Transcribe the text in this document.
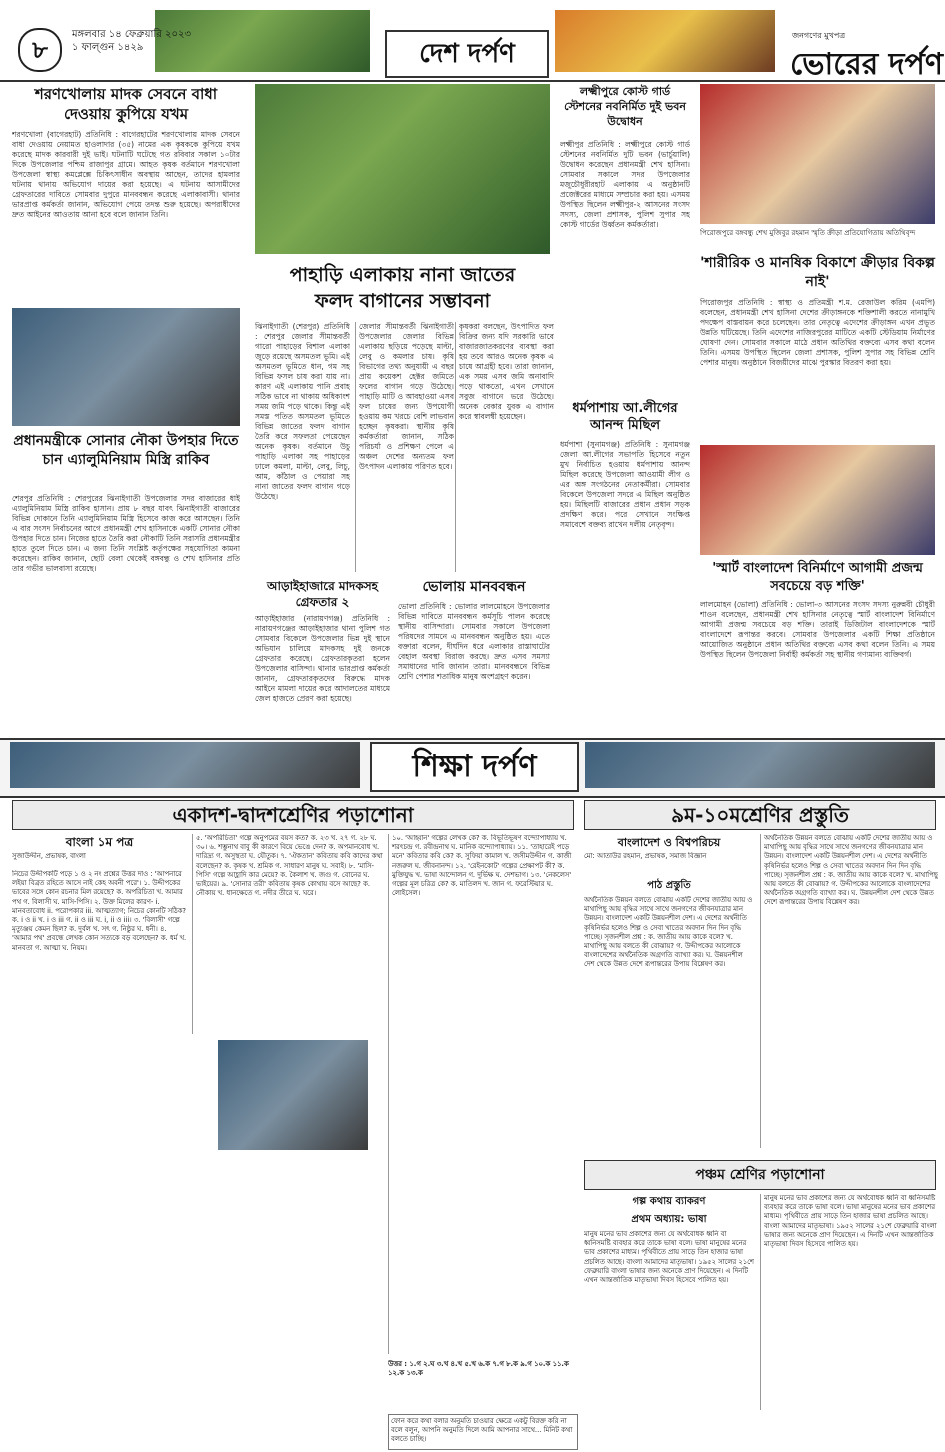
৮
মঙ্গলবার ১৪ ফেব্রুয়ারি ২০২৩
১ ফাল্গুন ১৪২৯	দেশ দর্পণ
জনগণের মুখপত্র
ভোরের দর্পণ
শরণখোলায় মাদক সেবনে বাধা দেওয়ায় কুপিয়ে যখম
শরণখোলা (বাগেরহাট) প্রতিনিধি : বাগেরহাটের শরণখোলায় মাদক সেবনে বাধা দেওয়ায় নেয়ামত হাওলাদার (৩৫) নামের এক কৃষককে কুপিয়ে যখম করেছে মাদক কারবারী দুই ভাই। ঘটনাটি ঘটেছে গত রবিবার সকাল ১০টার দিকে উপজেলার পশ্চিম রাজাপুর গ্রামে। আহত কৃষক বর্তমানে শরণখোলা উপজেলা স্বাস্থ্য কমপ্লেক্সে চিকিৎসাধীন অবস্থায় আছেন, তাদের হামলার ঘটনায় থানায় অভিযোগ দায়ের করা হয়েছে। এ ঘটনায় আসামীদের গ্রেফতারের দাবিতে সোমবার দুপুরে মানববন্ধন করেছে এলাকাবাসী। থানার ভারপ্রাপ্ত কর্মকর্তা জানান, অভিযোগ পেয়ে তদন্ত শুরু হয়েছে। অপরাধীদের দ্রুত আইনের আওতায় আনা হবে বলে জানান তিনি।
পাহাড়ি এলাকায় নানা জাতের
ফলদ বাগানের সম্ভাবনা
ঝিনাইগাতী (শেরপুর) প্রতিনিধি : শেরপুর জেলার সীমান্তবর্তী গারো পাহাড়ের বিশাল এলাকা জুড়ে রয়েছে অসমতল ভূমি। এই অসমতল ভূমিতে ধান, গম সহ বিভিন্ন ফসল চাষ করা যায় না। কারণ এই এলাকায় পানি প্রবাহ সঠিক ভাবে না থাকায় অধিকাংশ সময় জমি পড়ে থাকে। কিন্তু এই সমস্ত পতিত অসমতল ভূমিতে বিভিন্ন জাতের ফলদ বাগান তৈরি করে সফলতা পেয়েছেন অনেক কৃষক। বর্তমানে উচু পাহাড়ি এলাকা সহ পাহাড়ের ঢালে কমলা, মাল্টা, লেবু, লিচু, আম, কাঁঠাল ও পেয়ারা সহ নানা জাতের ফলদ বাগান গড়ে উঠেছে।
জেলার সীমান্তবর্তী ঝিনাইগাতী উপজেলার জেলার বিভিন্ন এলাকায় ছড়িয়ে পড়েছে মাল্টা, লেবু ও কমলার চাষ। কৃষি বিভাগের তথ্য অনুযায়ী এ বছর প্রায় কয়েকশ হেক্টর জমিতে ফলের বাগান গড়ে উঠেছে। পাহাড়ি মাটি ও আবহাওয়া এসব ফল চাষের জন্য উপযোগী হওয়ায় কম খরচে বেশি লাভবান হচ্ছেন কৃষকরা। স্থানীয় কৃষি কর্মকর্তারা জানান, সঠিক পরিচর্যা ও প্রশিক্ষণ পেলে এ অঞ্চল দেশের অন্যতম ফল উৎপাদন এলাকায় পরিণত হবে।
কৃষকরা বলছেন, উৎপাদিত ফল বিক্রির জন্য যদি সরকারি ভাবে বাজারজাতকরণের ব্যবস্থা করা হয় তবে আরও অনেক কৃষক এ চাষে আগ্রহী হবে। তারা জানান, এক সময় এসব জমি অনাবাদি পড়ে থাকতো, এখন সেখানে সবুজ বাগানে ভরে উঠেছে। অনেক বেকার যুবক এ বাগান করে স্বাবলম্বী হয়েছেন।
লক্ষ্মীপুরে কোস্ট গার্ড স্টেশনের নবনির্মিত দুই ভবন উদ্বোধন
লক্ষ্মীপুর প্রতিনিধি : লক্ষ্মীপুরে কোস্ট গার্ড স্টেশনের নবনির্মিত দুটি ভবন (ভার্চুয়ালি) উদ্বোধন করেছেন প্রধানমন্ত্রী শেখ হাসিনা। সোমবার সকালে সদর উপজেলার মজুচৌধুরীরহাট এলাকায় এ অনুষ্ঠানটি প্রজেক্টরের মাধ্যমে সম্প্রচার করা হয়। এসময় উপস্থিত ছিলেন লক্ষ্মীপুর-২ আসনের সংসদ সদস্য, জেলা প্রশাসক, পুলিশ সুপার সহ কোস্ট গার্ডের উর্ধ্বতন কর্মকর্তারা।
ধর্মপাশায় আ.লীগের আনন্দ মিছিল
ধর্মপাশা (সুনামগঞ্জ) প্রতিনিধি : সুনামগঞ্জ জেলা আ.লীগের সভাপতি হিসেবে নতুন মুখ নির্বাচিত হওয়ায় ধর্মপাশায় আনন্দ মিছিল করেছে উপজেলা আওয়ামী লীগ ও এর অঙ্গ সংগঠনের নেতাকর্মীরা। সোমবার বিকেলে উপজেলা সদরে এ মিছিল অনুষ্ঠিত হয়। মিছিলটি বাজারের প্রধান প্রধান সড়ক প্রদক্ষিণ করে। পরে সেখানে সংক্ষিপ্ত সমাবেশে বক্তব্য রাখেন দলীয় নেতৃবৃন্দ।
পিরোজপুরে বঙ্গবন্ধু শেখ মুজিবুর রহমান স্মৃতি ক্রীড়া প্রতিযোগিতায় অতিথিবৃন্দ
'শারীরিক ও মানষিক বিকাশে ক্রীড়ার বিকল্প নাই'
পিরোজপুর প্রতিনিধি : স্বাস্থ্য ও প্রতিমন্ত্রী শ.ম. রেজাউল করিম (এমপি) বলেছেন, প্রধানমন্ত্রী শেখ হাসিনা দেশের ক্রীড়াঙ্গনকে শক্তিশালী করতে নানামুখি পদক্ষেপ বাস্তবায়ন করে চলেছেন। তার নেতৃত্বে এদেশের ক্রীড়াঙ্গন এখন প্রভূত উন্নতি ঘটিয়েছে। তিনি এদেশের নাজিরপুরের মাটিতে একটি স্টেডিয়াম নির্মাণের ঘোষণা দেন। সোমবার সকালে মাঠে প্রধান অতিথির বক্তব্যে এসব কথা বলেন তিনি। এসময় উপস্থিত ছিলেন জেলা প্রশাসক, পুলিশ সুপার সহ বিভিন্ন শ্রেণি পেশার মানুষ। অনুষ্ঠানে বিজয়ীদের মাঝে পুরস্কার বিতরণ করা হয়।
'স্মার্ট বাংলাদেশ বিনির্মাণে আগামী প্রজন্ম সবচেয়ে বড় শক্তি'
লালমোহন (ভোলা) প্রতিনিধি : ভোলা-৩ আসনের সংসদ সদস্য নুরুন্নবী চৌধুরী শাওন বলেছেন, প্রধানমন্ত্রী শেখ হাসিনার নেতৃত্বে স্মার্ট বাংলাদেশ বিনির্মাণে আগামী প্রজন্ম সবচেয়ে বড় শক্তি। তারাই ডিজিটাল বাংলাদেশকে স্মার্ট বাংলাদেশে রূপান্তর করবে। সোমবার উপজেলার একটি শিক্ষা প্রতিষ্ঠানে আয়োজিত অনুষ্ঠানে প্রধান অতিথির বক্তব্যে এসব কথা বলেন তিনি। এ সময় উপস্থিত ছিলেন উপজেলা নির্বাহী কর্মকর্তা সহ স্থানীয় গণ্যমান্য ব্যক্তিবর্গ।
প্রধানমন্ত্রীকে সোনার নৌকা উপহার দিতে চান এ্যালুমিনিয়াম মিস্ত্রি রাকিব
শেরপুর প্রতিনিধি : শেরপুরের ঝিনাইগাতী উপজেলার সদর বাজারের ধাই এ্যালুমিনিয়াম মিস্ত্রি রাকিব হাসান। প্রায় ৮ বছর যাবৎ ঝিনাইগাতী বাজারের বিভিন্ন দোকানে তিনি এ্যালুমিনিয়াম মিস্ত্রি হিসেবে কাজ করে আসছেন। তিনি এ বার সংসদ নির্বাচনের আগে প্রধানমন্ত্রী শেখ হাসিনাকে একটি সোনার নৌকা উপহার দিতে চান। নিজের হাতে তৈরি করা নৌকাটি তিনি সরাসরি প্রধানমন্ত্রীর হাতে তুলে দিতে চান। এ জন্য তিনি সংশ্লিষ্ট কর্তৃপক্ষের সহযোগিতা কামনা করেছেন। রাকিব জানান, ছোট বেলা থেকেই বঙ্গবন্ধু ও শেখ হাসিনার প্রতি তার গভীর ভালবাসা রয়েছে।
আড়াইহাজারে মাদকসহ
গ্রেফতার ২
আড়াইহাজার (নারায়ণগঞ্জ) প্রতিনিধি : নারায়ণগঞ্জের আড়াইহাজার থানা পুলিশ গত সোমবার বিকেলে উপজেলার ভিন্ন দুই স্থানে অভিযান চালিয়ে মাদকসহ দুই জনকে গ্রেফতার করেছে। গ্রেফতারকৃতরা হলেন উপজেলার বাসিন্দা। থানার ভারপ্রাপ্ত কর্মকর্তা জানান, গ্রেফতারকৃতদের বিরুদ্ধে মাদক আইনে মামলা দায়ের করে আদালতের মাধ্যমে জেল হাজতে প্রেরণ করা হয়েছে।
ভোলায় মানববন্ধন
ভোলা প্রতিনিধি : ভোলার লালমোহনে উপজেলার বিভিন্ন দাবিতে মানববন্ধন কর্মসূচি পালন করেছে স্থানীয় বাসিন্দারা। সোমবার সকালে উপজেলা পরিষদের সামনে এ মানববন্ধন অনুষ্ঠিত হয়। এতে বক্তারা বলেন, দীর্ঘদিন ধরে এলাকার রাস্তাঘাটের বেহাল অবস্থা বিরাজ করছে। দ্রুত এসব সমস্যা সমাধানের দাবি জানান তারা। মানববন্ধনে বিভিন্ন শ্রেণি পেশার শতাধিক মানুষ অংশগ্রহণ করেন।
শিক্ষা দর্পণ
একাদশ-দ্বাদশশ্রেণির পড়াশোনা
বাংলা ১ম পত্র
সুজাউদ্দীন, প্রভাষক, বাংলা
নিচের উদ্দীপকটি পড়ে ১ ও ২ নং প্রশ্নের উত্তর দাও : 'আপনারে লইয়া বিব্রত রহিতে আসে নাই কেহ অবনী পরে'। ১. উদ্দীপকের ভাবের সঙ্গে কোন রচনার মিল রয়েছে? ক. অপরিচিতা খ. আমার পথ গ. বিলাসী ঘ. মাসি-পিসি। ২. উক্ত মিলের কারণ- i. মানবতাবোধ ii. পরোপকার iii. আত্মত্যাগ; নিচের কোনটি সঠিক? ক. i ও ii খ. i ও iii গ. ii ও iii ঘ. i, ii ও iii। ৩. 'বিলাসী' গল্পে মৃত্যুঞ্জয় কেমন ছিল? ক. দুর্বল খ. সৎ গ. নিষ্ঠুর ঘ. ধনী। ৪. 'আমার পথ' প্রবন্ধে লেখক কোন সত্যকে বড় বলেছেন? ক. ধর্ম খ. মানবতা গ. আত্মা ঘ. নিয়ম।
৫. 'অপরিচিতা' গল্পে অনুপমের বয়স কত? ক. ২৩ খ. ২৭ গ. ২৮ ঘ. ৩০। ৬. শম্ভুনাথ বাবু কী কারণে বিয়ে ভেঙে দেন? ক. অপমানবোধ খ. দারিদ্র্য গ. অসুস্থতা ঘ. যৌতুক। ৭. 'ঐকতান' কবিতায় কবি কাদের কথা বলেছেন? ক. কৃষক খ. শ্রমিক গ. সাধারণ মানুষ ঘ. সবাই। ৮. 'মাসি-পিসি' গল্পে আহ্লাদি কার মেয়ে? ক. কৈলাশ খ. জগু গ. বোনের ঘ. ভাইয়ের। ৯. 'সোনার তরী' কবিতায় কৃষক কোথায় বসে আছে? ক. নৌকায় খ. ধানক্ষেতে গ. নদীর তীরে ঘ. ঘরে।
১০. 'আহ্বান' গল্পের লেখক কে? ক. বিভূতিভূষণ বন্দ্যোপাধ্যায় খ. শরৎচন্দ্র গ. রবীন্দ্রনাথ ঘ. মানিক বন্দ্যোপাধ্যায়। ১১. 'তাহারেই পড়ে মনে' কবিতার কবি কে? ক. সুফিয়া কামাল খ. জসীমউদ্দীন গ. কাজী নজরুল ঘ. জীবনানন্দ। ১২. 'রেইনকোট' গল্পের প্রেক্ষাপট কী? ক. মুক্তিযুদ্ধ খ. ভাষা আন্দোলন গ. দুর্ভিক্ষ ঘ. দেশভাগ। ১৩. 'নেকলেস' গল্পের মূল চরিত্র কে? ক. মাতিলদ খ. জান গ. ফরেস্টিয়ার ঘ. লোইসেল।
উত্তর : ১.গ ২.ঘ ৩.খ ৪.খ ৫.খ ৬.ক ৭.গ ৮.ক ৯.গ ১০.ক ১১.ক ১২.ক ১৩.ক
৯ম-১০মশ্রেণির প্রস্তুতি
বাংলাদেশ ও বিশ্বপরিচয়
মো: আতাউর রহমান, প্রভাষক, সমাজ বিজ্ঞান
পাঠ প্রস্তুতি
অর্থনৈতিক উন্নয়ন বলতে বোঝায় একটি দেশের জাতীয় আয় ও মাথাপিছু আয় বৃদ্ধির সাথে সাথে জনগণের জীবনযাত্রার মান উন্নয়ন। বাংলাদেশ একটি উন্নয়নশীল দেশ। এ দেশের অর্থনীতি কৃষিনির্ভর হলেও শিল্প ও সেবা খাতের অবদান দিন দিন বৃদ্ধি পাচ্ছে। সৃজনশীল প্রশ্ন : ক. জাতীয় আয় কাকে বলে? খ. মাথাপিছু আয় বলতে কী বোঝায়? গ. উদ্দীপকের আলোকে বাংলাদেশের অর্থনৈতিক অগ্রগতি ব্যাখ্যা কর। ঘ. উন্নয়নশীল দেশ থেকে উন্নত দেশে রূপান্তরের উপায় বিশ্লেষণ কর।
অর্থনৈতিক উন্নয়ন বলতে বোঝায় একটি দেশের জাতীয় আয় ও মাথাপিছু আয় বৃদ্ধির সাথে সাথে জনগণের জীবনযাত্রার মান উন্নয়ন। বাংলাদেশ একটি উন্নয়নশীল দেশ। এ দেশের অর্থনীতি কৃষিনির্ভর হলেও শিল্প ও সেবা খাতের অবদান দিন দিন বৃদ্ধি পাচ্ছে। সৃজনশীল প্রশ্ন : ক. জাতীয় আয় কাকে বলে? খ. মাথাপিছু আয় বলতে কী বোঝায়? গ. উদ্দীপকের আলোকে বাংলাদেশের অর্থনৈতিক অগ্রগতি ব্যাখ্যা কর। ঘ. উন্নয়নশীল দেশ থেকে উন্নত দেশে রূপান্তরের উপায় বিশ্লেষণ কর।
পঞ্চম শ্রেণির পড়াশোনা
গল্প কথায় ব্যাকরণ
প্রথম অধ্যায়: ভাষা
মানুষ মনের ভাব প্রকাশের জন্য যে অর্থবোধক ধ্বনি বা ধ্বনিসমষ্টি ব্যবহার করে তাকে ভাষা বলে। ভাষা মানুষের মনের ভাব প্রকাশের মাধ্যম। পৃথিবীতে প্রায় সাড়ে তিন হাজার ভাষা প্রচলিত আছে। বাংলা আমাদের মাতৃভাষা। ১৯৫২ সালের ২১শে ফেব্রুয়ারি বাংলা ভাষার জন্য অনেকে প্রাণ দিয়েছেন। এ দিনটি এখন আন্তর্জাতিক মাতৃভাষা দিবস হিসেবে পালিত হয়।
মানুষ মনের ভাব প্রকাশের জন্য যে অর্থবোধক ধ্বনি বা ধ্বনিসমষ্টি ব্যবহার করে তাকে ভাষা বলে। ভাষা মানুষের মনের ভাব প্রকাশের মাধ্যম। পৃথিবীতে প্রায় সাড়ে তিন হাজার ভাষা প্রচলিত আছে। বাংলা আমাদের মাতৃভাষা। ১৯৫২ সালের ২১শে ফেব্রুয়ারি বাংলা ভাষার জন্য অনেকে প্রাণ দিয়েছেন। এ দিনটি এখন আন্তর্জাতিক মাতৃভাষা দিবস হিসেবে পালিত হয়।
ফোন করে কথা বলার অনুমতি চাওয়ার ক্ষেত্রে একটু বিরক্ত করি না বলে বলুন, আপনি অনুমতি দিলে আমি আপনার সাথে... মিনিট কথা বলতে চাচ্ছি।
